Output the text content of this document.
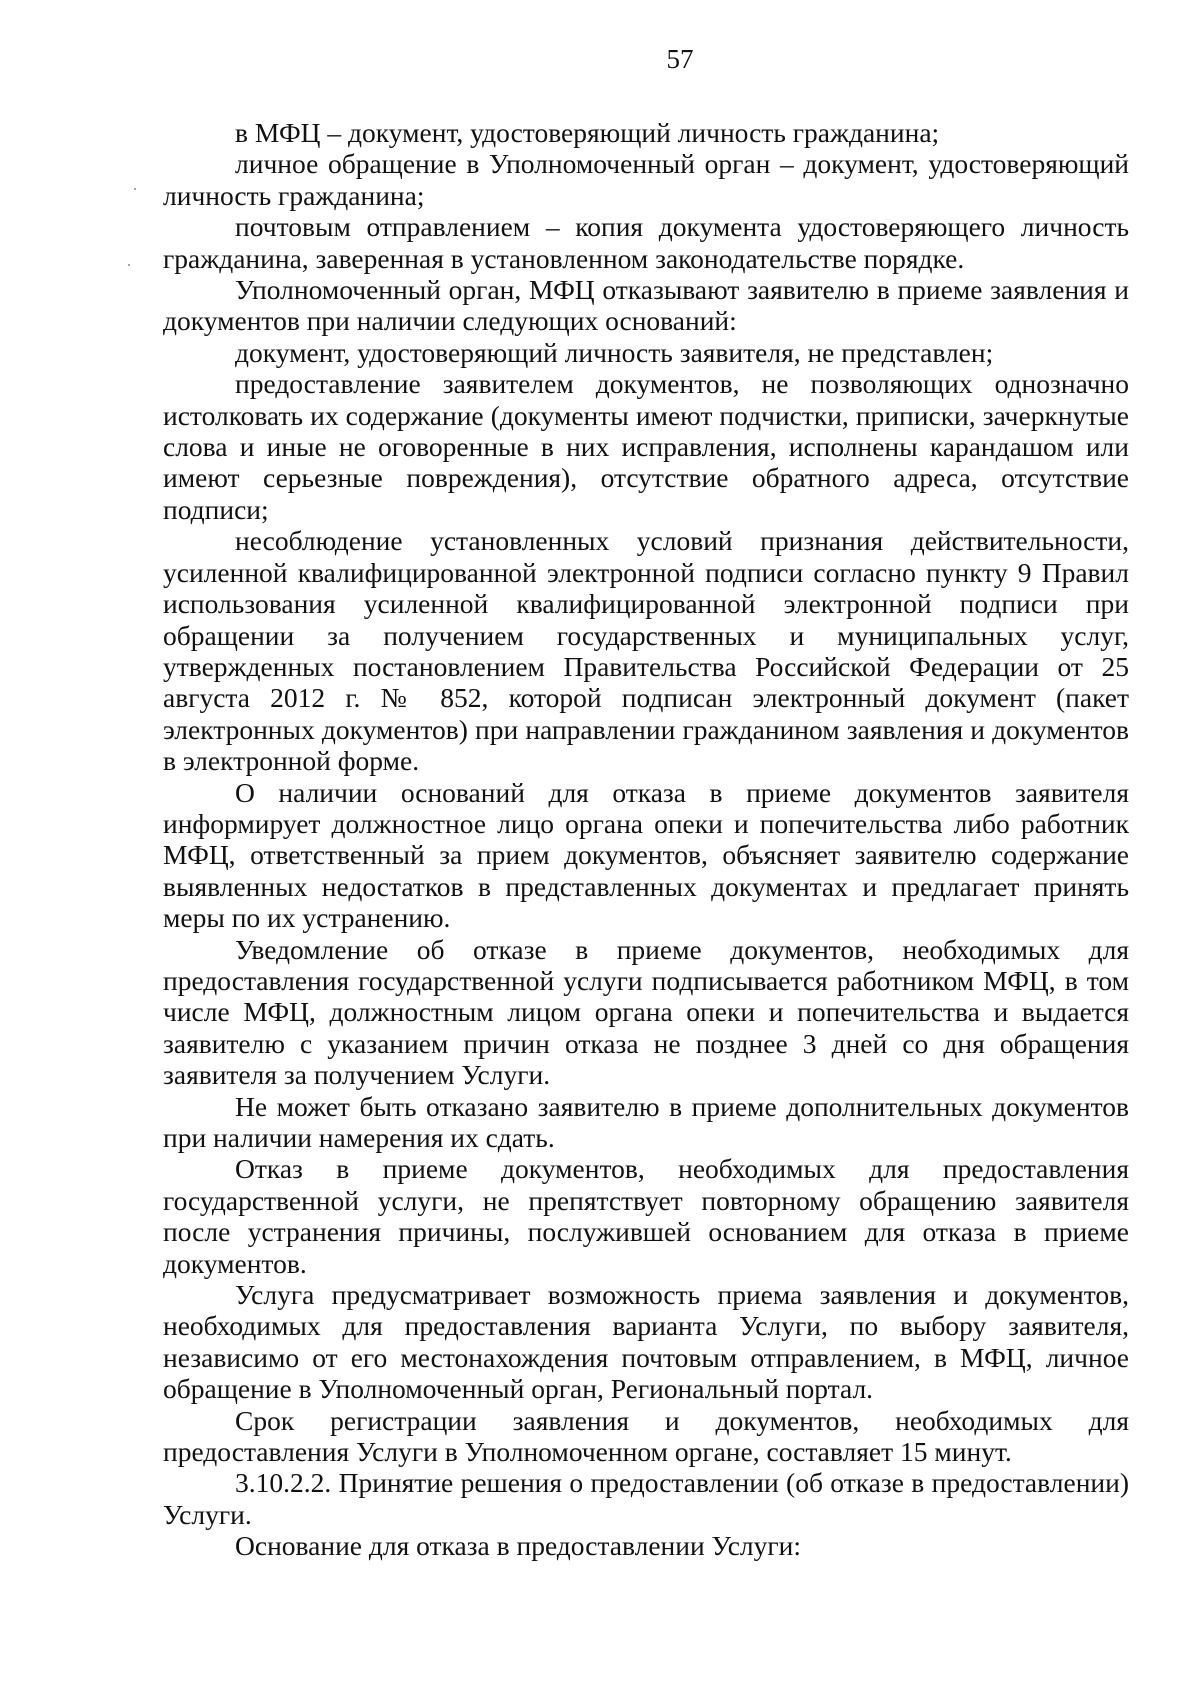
57

в МФЦ – документ, удостоверяющий личность гражданина;

личное обращение в Уполномоченный орган – документ, удостоверяющий личность гражданина;

почтовым отправлением – копия документа удостоверяющего личность гражданина, заверенная в установленном законодательстве порядке.

Уполномоченный орган, МФЦ отказывают заявителю в приеме заявления и документов при наличии следующих оснований:

документ, удостоверяющий личность заявителя, не представлен;

предоставление заявителем документов, не позволяющих однозначно истолковать их содержание (документы имеют подчистки, приписки, зачеркнутые слова и иные не оговоренные в них исправления, исполнены карандашом или имеют серьезные повреждения), отсутствие обратного адреса, отсутствие подписи;

несоблюдение установленных условий признания действительности, усиленной квалифицированной электронной подписи согласно пункту 9 Правил использования усиленной квалифицированной электронной подписи при обращении за получением государственных и муниципальных услуг, утвержденных постановлением Правительства Российской Федерации от 25 августа 2012 г. № 852, которой подписан электронный документ (пакет электронных документов) при направлении гражданином заявления и документов в электронной форме.

О наличии оснований для отказа в приеме документов заявителя информирует должностное лицо органа опеки и попечительства либо работник МФЦ, ответственный за прием документов, объясняет заявителю содержание выявленных недостатков в представленных документах и предлагает принять меры по их устранению.

Уведомление об отказе в приеме документов, необходимых для предоставления государственной услуги подписывается работником МФЦ, в том числе МФЦ, должностным лицом органа опеки и попечительства и выдается заявителю с указанием причин отказа не позднее 3 дней со дня обращения заявителя за получением Услуги.

Не может быть отказано заявителю в приеме дополнительных документов при наличии намерения их сдать.

Отказ в приеме документов, необходимых для предоставления государственной услуги, не препятствует повторному обращению заявителя после устранения причины, послужившей основанием для отказа в приеме документов.

Услуга предусматривает возможность приема заявления и документов, необходимых для предоставления варианта Услуги, по выбору заявителя, независимо от его местонахождения почтовым отправлением, в МФЦ, личное обращение в Уполномоченный орган, Региональный портал.

Срок регистрации заявления и документов, необходимых для предоставления Услуги в Уполномоченном органе, составляет 15 минут.

3.10.2.2. Принятие решения о предоставлении (об отказе в предоставлении) Услуги.

Основание для отказа в предоставлении Услуги:
